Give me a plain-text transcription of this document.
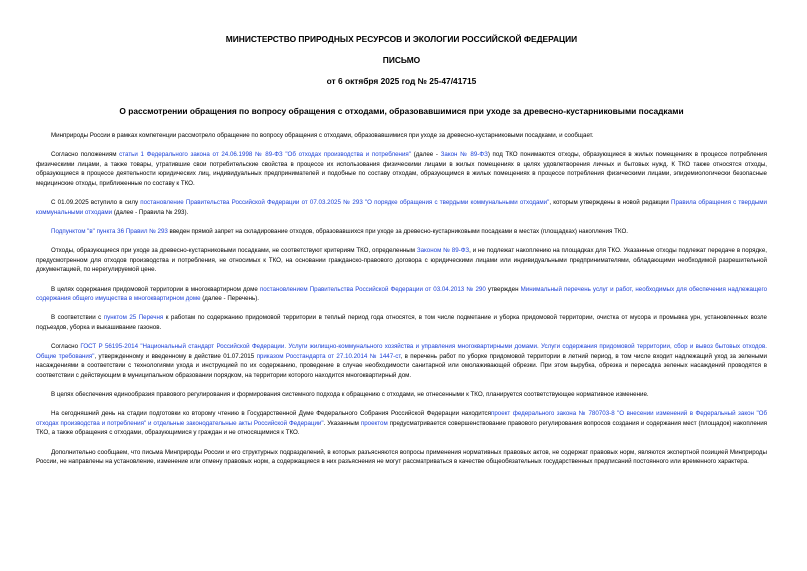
МИНИСТЕРСТВО ПРИРОДНЫХ РЕСУРСОВ И ЭКОЛОГИИ РОССИЙСКОЙ ФЕДЕРАЦИИ
ПИСЬМО
от 6 октября 2025 год № 25-47/41715
О рассмотрении обращения по вопросу обращения с отходами, образовавшимися при уходе за древесно-кустарниковыми посадками

Минприроды России в рамках компетенции рассмотрело обращение по вопросу обращения с отходами, образовавшимися при уходе за древесно-кустарниковыми посадками, и сообщает.

Согласно положениям статьи 1 Федерального закона от 24.06.1998 № 89-ФЗ "Об отходах производства и потребления" (далее - Закон № 89-ФЗ) под ТКО понимаются отходы, образующиеся в жилых помещениях в процессе потребления физическими лицами, а также товары, утратившие свои потребительские свойства в процессе их использования физическими лицами в жилых помещениях в целях удовлетворения личных и бытовых нужд. К ТКО также относятся отходы, образующиеся в процессе деятельности юридических лиц, индивидуальных предпринимателей и подобные по составу отходам, образующимся в жилых помещениях в процессе потребления физическими лицами, эпидемиологически безопасные медицинские отходы, приближенные по составу к ТКО.

С 01.09.2025 вступило в силу постановление Правительства Российской Федерации от 07.03.2025 № 293 "О порядке обращения с твердыми коммунальными отходами", которым утверждены в новой редакции Правила обращения с твердыми коммунальными отходами (далее - Правила № 293).

Подпунктом "в" пункта 36 Правил № 293 введен прямой запрет на складирование отходов, образовавшихся при уходе за древесно-кустарниковыми посадками в местах (площадках) накопления ТКО.

Отходы, образующиеся при уходе за древесно-кустарниковыми посадками, не соответствуют критериям ТКО, определенным Законом № 89-ФЗ, и не подлежат накоплению на площадках для ТКО. Указанные отходы подлежат передаче в порядке, предусмотренном для отходов производства и потребления, не относимых к ТКО, на основании гражданско-правового договора с юридическими лицами или индивидуальными предпринимателями, обладающими необходимой разрешительной документацией, по нерегулируемой цене.

В целях содержания придомовой территории в многоквартирном доме постановлением Правительства Российской Федерации от 03.04.2013 № 290 утвержден Минимальный перечень услуг и работ, необходимых для обеспечения надлежащего содержания общего имущества в многоквартирном доме (далее - Перечень).

В соответствии с пунктом 25 Перечня к работам по содержанию придомовой территории в теплый период года относятся, в том числе подметание и уборка придомовой территории, очистка от мусора и промывка урн, установленных возле подъездов, уборка и выкашивание газонов.

Согласно ГОСТ Р 56195-2014 "Национальный стандарт Российской Федерации. Услуги жилищно-коммунального хозяйства и управления многоквартирными домами. Услуги содержания придомовой территории, сбор и вывоз бытовых отходов. Общие требования", утвержденному и введенному в действие 01.07.2015 приказом Росстандарта от 27.10.2014 № 1447-ст, в перечень работ по уборке придомовой территории в летний период, в том числе входит надлежащий уход за зелеными насаждениями в соответствии с технологиями ухода и инструкцией по их содержанию, проведение в случае необходимости санитарной или омолаживающей обрезки. При этом вырубка, обрезка и пересадка зеленых насаждений проводятся в соответствии с действующим в муниципальном образовании порядком, на территории которого находится многоквартирный дом.

В целях обеспечения единообразия правового регулирования и формирования системного подхода к обращению с отходами, не отнесенными к ТКО, планируется соответствующее нормативное изменение.

На сегодняшний день на стадии подготовки ко второму чтению в Государственной Думе Федерального Собрания Российской Федерации находитсяпроект федерального закона № 780703-8 "О внесении изменений в Федеральный закон "Об отходах производства и потребления" и отдельные законодательные акты Российской Федерации". Указанным проектом предусматривается совершенствование правового регулирования вопросов создания и содержания мест (площадок) накопления ТКО, а также обращения с отходами, образующимися у граждан и не относящимися к ТКО.

Дополнительно сообщаем, что письма Минприроды России и его структурных подразделений, в которых разъясняются вопросы применения нормативных правовых актов, не содержат правовых норм, являются экспертной позицией Минприроды России, не направлены на установление, изменение или отмену правовых норм, а содержащиеся в них разъяснения не могут рассматриваться в качестве общеобязательных государственных предписаний постоянного или временного характера.
